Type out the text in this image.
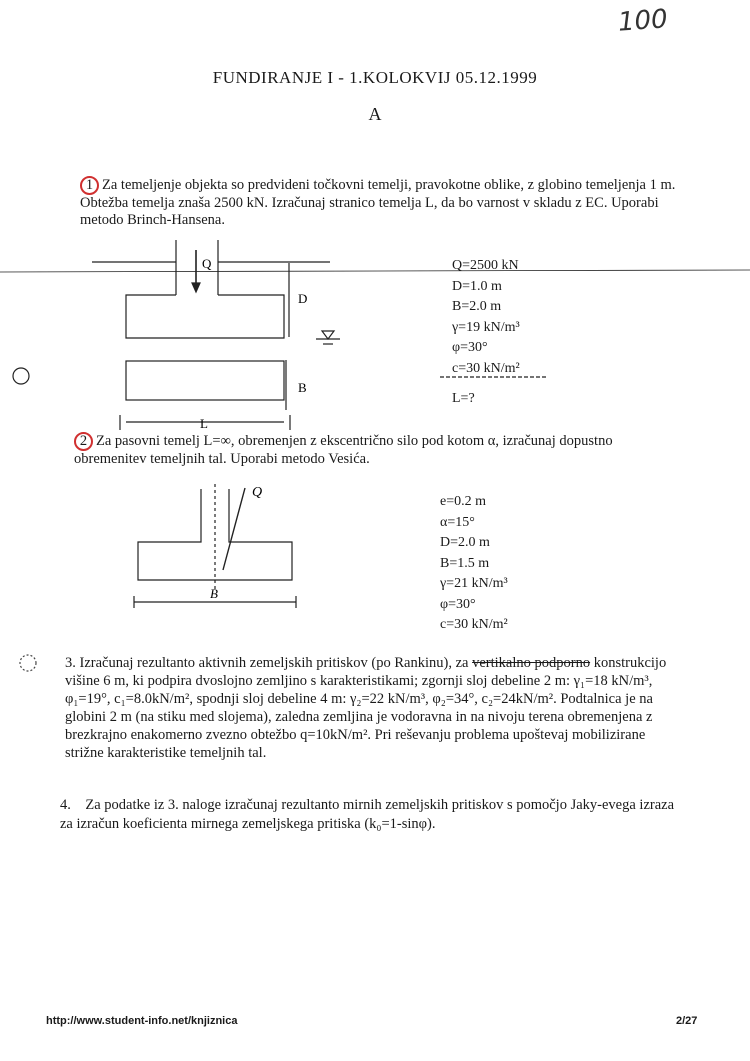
100
FUNDIRANJE I - 1.KOLOKVIJ 05.12.1999
A
1 Za temeljenje objekta so predvideni točkovni temelji, pravokotne oblike, z globino temeljenja 1 m. Obtežba temelja znaša 2500 kN. Izračunaj stranico temelja L, da bo varnost v skladu z EC. Uporabi metodo Brinch-Hansena.
Q
D
B
L
Q
B
Q=2500 kN
D=1.0 m
B=2.0 m
γ=19 kN/m³
φ=30°
c=30 kN/m²
L=?
2 Za pasovni temelj L=∞, obremenjen z ekscentrično silo pod kotom α, izračunaj dopustno obremenitev temeljnih tal. Uporabi metodo Vesića.
e=0.2 m
α=15°
D=2.0 m
B=1.5 m
γ=21 kN/m³
φ=30°
c=30 kN/m²
3. Izračunaj rezultanto aktivnih zemeljskih pritiskov (po Rankinu), za vertikalno podporno konstrukcijo višine 6 m, ki podpira dvoslojno zemljino s karakteristikami; zgornji sloj debeline 2 m: γ₁=18 kN/m³, φ₁=19°, c₁=8.0kN/m², spodnji sloj debeline 4 m: γ₂=22 kN/m³, φ₂=34°, c₂=24kN/m². Podtalnica je na globini 2 m (na stiku med slojema), zaledna zemljina je vodoravna in na nivoju terena obremenjena z brezkrajno enakomerno zvezno obtežbo q=10kN/m². Pri reševanju problema upoštevaj mobilizirane strižne karakteristike temeljnih tal.
4. Za podatke iz 3. naloge izračunaj rezultanto mirnih zemeljskih pritiskov s pomočjo Jaky-evega izraza za izračun koeficienta mirnega zemeljskega pritiska (k₀=1-sinφ).
http://www.student-info.net/knjiznica	2/27
